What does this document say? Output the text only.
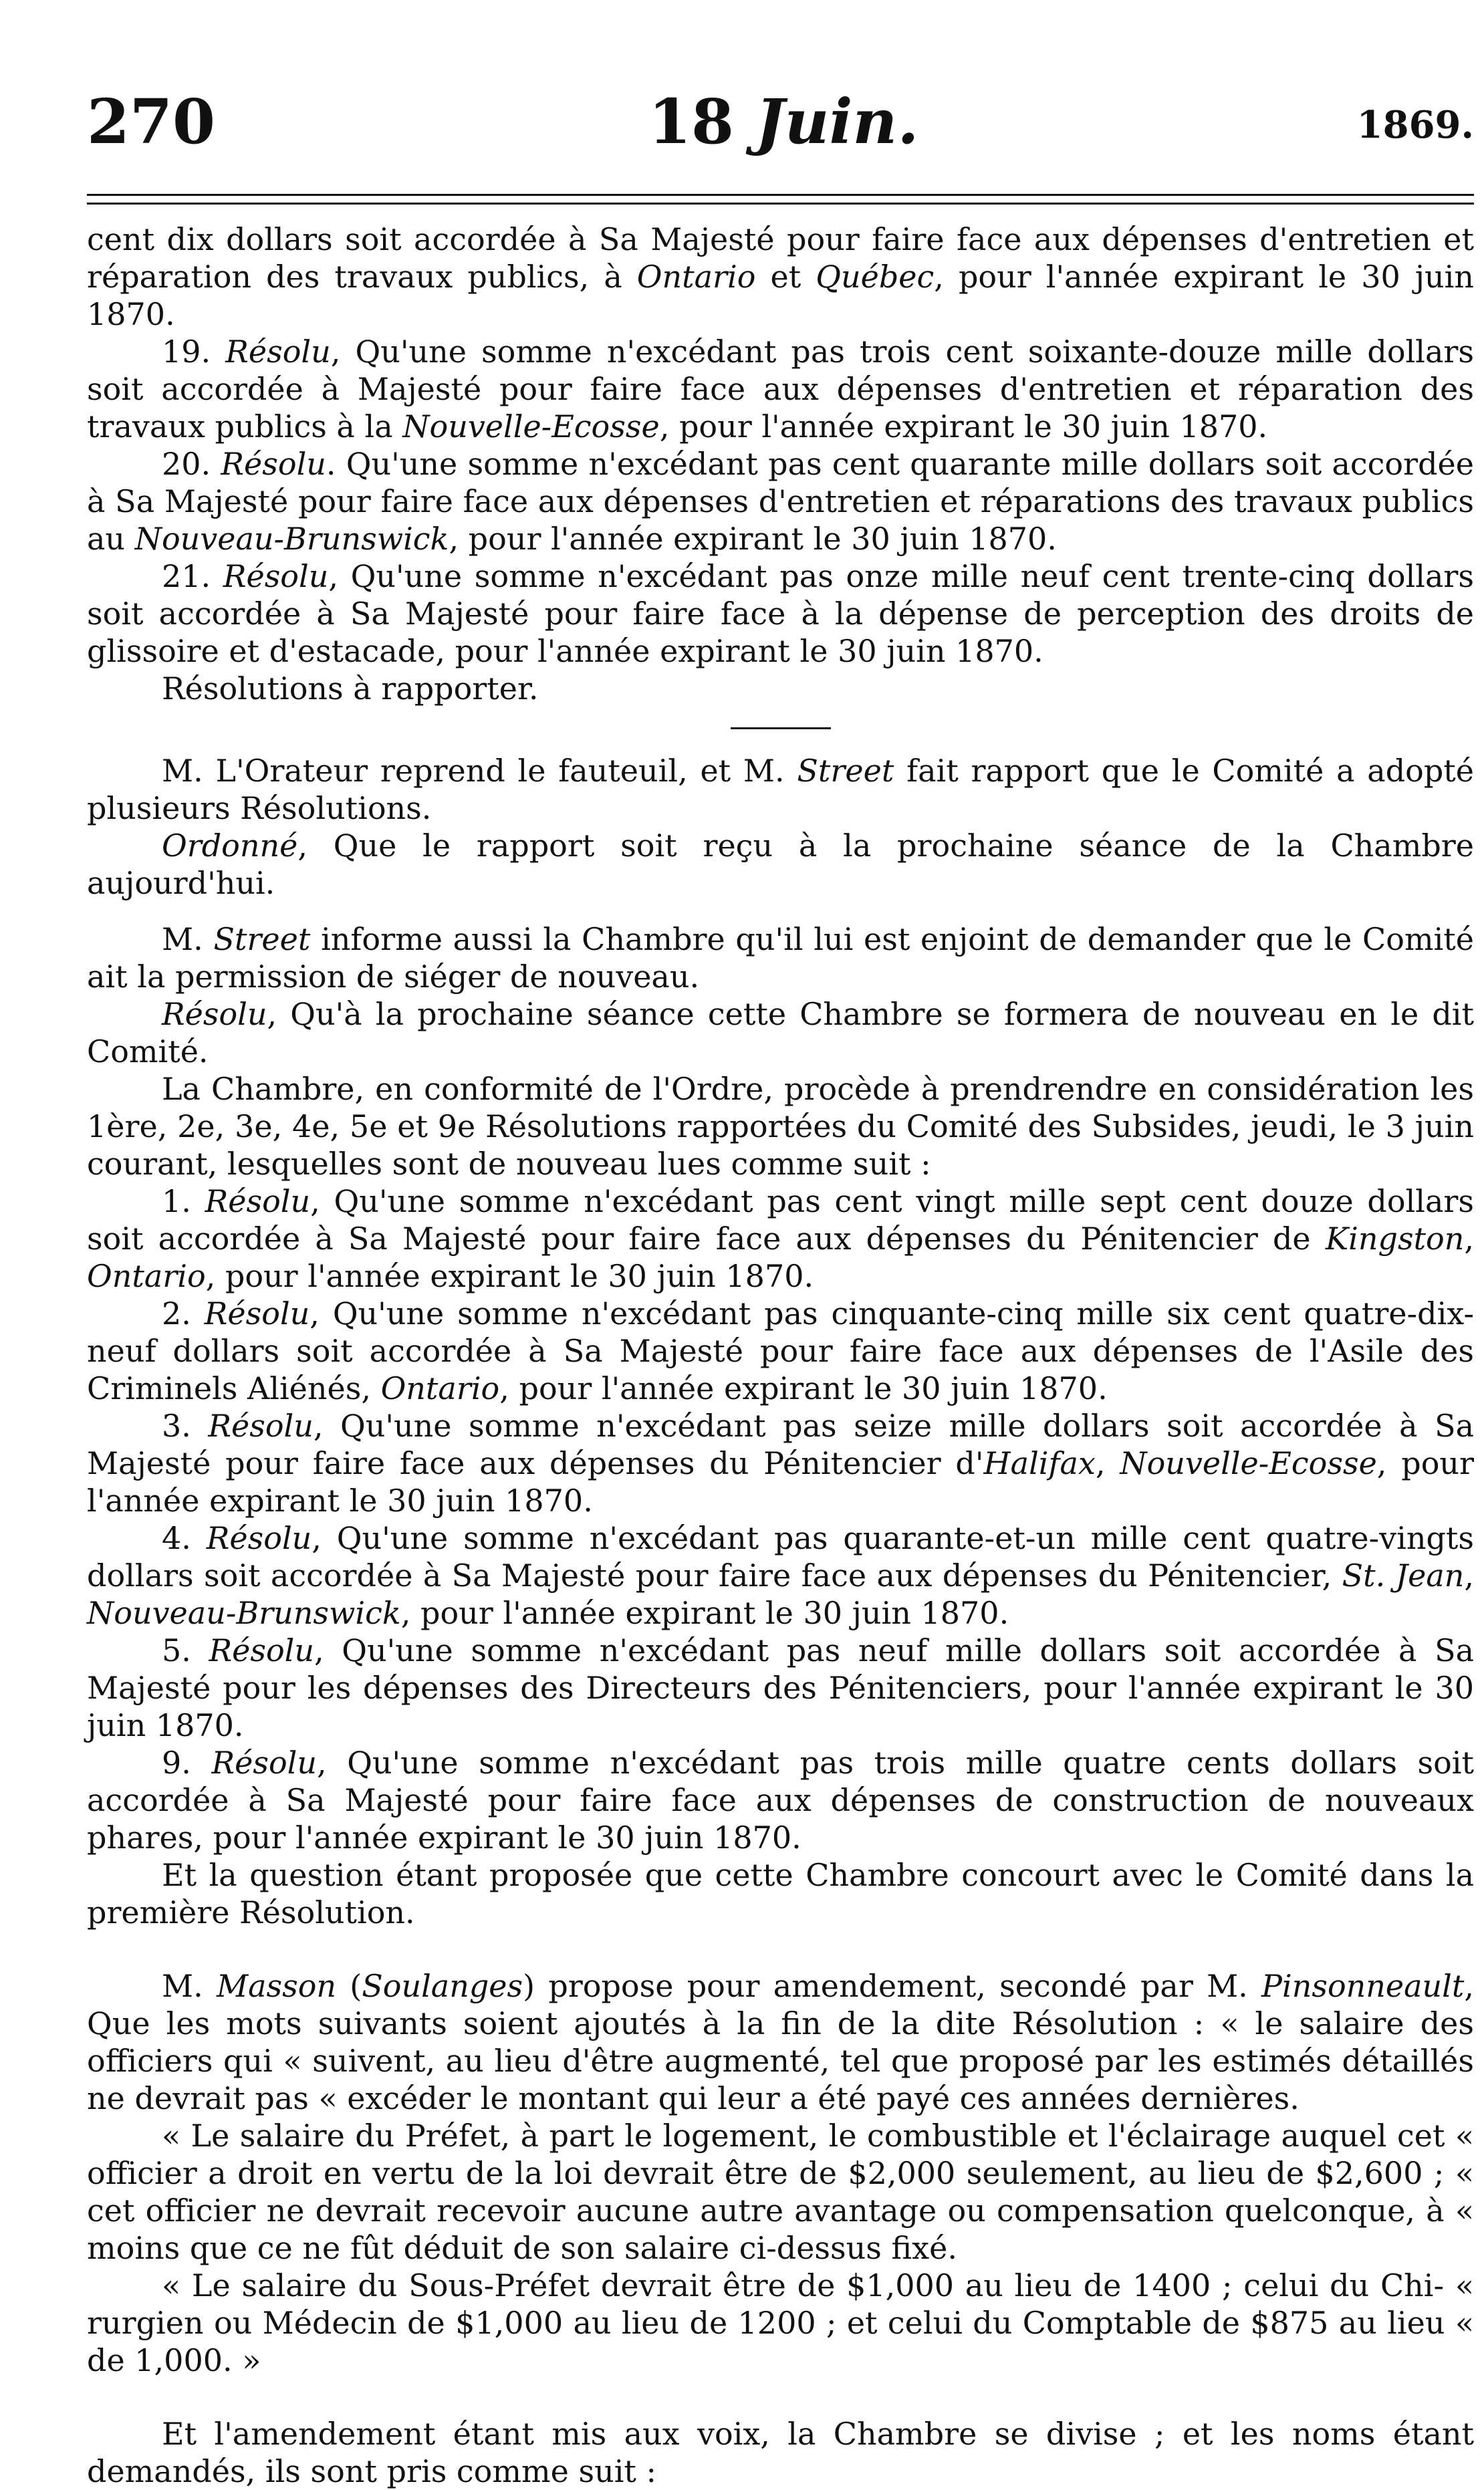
270	18 Juin.	1869.

cent dix dollars soit accordée à Sa Majesté pour faire face aux dépenses d'entretien et réparation des travaux publics, à Ontario et Québec, pour l'année expirant le 30 juin 1870.

19. Résolu, Qu'une somme n'excédant pas trois cent soixante-douze mille dollars soit accordée à Majesté pour faire face aux dépenses d'entretien et réparation des travaux publics à la Nouvelle-Ecosse, pour l'année expirant le 30 juin 1870.

20. Résolu. Qu'une somme n'excédant pas cent quarante mille dollars soit accordée à Sa Majesté pour faire face aux dépenses d'entretien et réparations des travaux publics au Nouveau-Brunswick, pour l'année expirant le 30 juin 1870.

21. Résolu, Qu'une somme n'excédant pas onze mille neuf cent trente-cinq dollars soit accordée à Sa Majesté pour faire face à la dépense de perception des droits de glissoire et d'estacade, pour l'année expirant le 30 juin 1870.

Résolutions à rapporter.

M. L'Orateur reprend le fauteuil, et M. Street fait rapport que le Comité a adopté plusieurs Résolutions.

Ordonné, Que le rapport soit reçu à la prochaine séance de la Chambre aujourd'hui.

M. Street informe aussi la Chambre qu'il lui est enjoint de demander que le Comité ait la permission de siéger de nouveau.

Résolu, Qu'à la prochaine séance cette Chambre se formera de nouveau en le dit Comité.

La Chambre, en conformité de l'Ordre, procède à prendrendre en considération les 1ère, 2e, 3e, 4e, 5e et 9e Résolutions rapportées du Comité des Subsides, jeudi, le 3 juin courant, lesquelles sont de nouveau lues comme suit :

1. Résolu, Qu'une somme n'excédant pas cent vingt mille sept cent douze dollars soit accordée à Sa Majesté pour faire face aux dépenses du Pénitencier de Kingston, Ontario, pour l'année expirant le 30 juin 1870.

2. Résolu, Qu'une somme n'excédant pas cinquante-cinq mille six cent quatre-dix-neuf dollars soit accordée à Sa Majesté pour faire face aux dépenses de l'Asile des Criminels Aliénés, Ontario, pour l'année expirant le 30 juin 1870.

3. Résolu, Qu'une somme n'excédant pas seize mille dollars soit accordée à Sa Majesté pour faire face aux dépenses du Pénitencier d'Halifax, Nouvelle-Ecosse, pour l'année expirant le 30 juin 1870.

4. Résolu, Qu'une somme n'excédant pas quarante-et-un mille cent quatre-vingts dollars soit accordée à Sa Majesté pour faire face aux dépenses du Pénitencier, St. Jean, Nouveau-Brunswick, pour l'année expirant le 30 juin 1870.

5. Résolu, Qu'une somme n'excédant pas neuf mille dollars soit accordée à Sa Majesté pour les dépenses des Directeurs des Pénitenciers, pour l'année expirant le 30 juin 1870.

9. Résolu, Qu'une somme n'excédant pas trois mille quatre cents dollars soit accordée à Sa Majesté pour faire face aux dépenses de construction de nouveaux phares, pour l'année expirant le 30 juin 1870.

Et la question étant proposée que cette Chambre concourt avec le Comité dans la première Résolution.

M. Masson (Soulanges) propose pour amendement, secondé par M. Pinsonneault, Que les mots suivants soient ajoutés à la fin de la dite Résolution : « le salaire des officiers qui « suivent, au lieu d'être augmenté, tel que proposé par les estimés détaillés ne devrait pas « excéder le montant qui leur a été payé ces années dernières.

« Le salaire du Préfet, à part le logement, le combustible et l'éclairage auquel cet « officier a droit en vertu de la loi devrait être de $2,000 seulement, au lieu de $2,600 ; « cet officier ne devrait recevoir aucune autre avantage ou compensation quelconque, à « moins que ce ne fût déduit de son salaire ci-dessus fixé.

« Le salaire du Sous-Préfet devrait être de $1,000 au lieu de 1400 ; celui du Chi- « rurgien ou Médecin de $1,000 au lieu de 1200 ; et celui du Comptable de $875 au lieu « de 1,000. »

Et l'amendement étant mis aux voix, la Chambre se divise ; et les noms étant demandés, ils sont pris comme suit :
